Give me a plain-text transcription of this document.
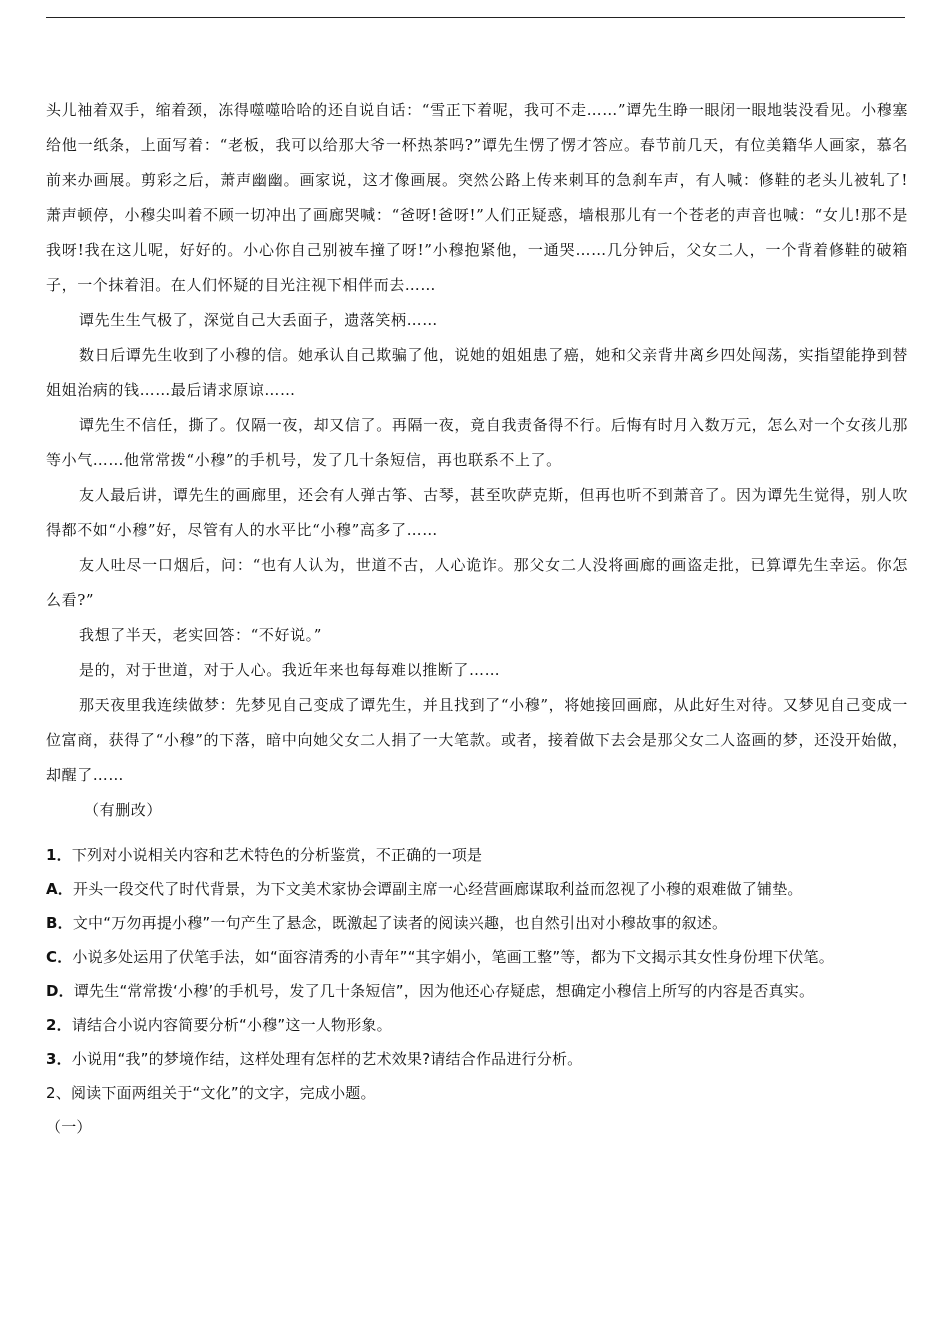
头儿袖着双手，缩着颈，冻得噬噬哈哈的还自说自话：“雪正下着呢，我可不走……”谭先生睁一眼闭一眼地装没看见。小穆塞给他一纸条，上面写着：“老板，我可以给那大爷一杯热茶吗?”谭先生愣了愣才答应。春节前几天，有位美籍华人画家，慕名前来办画展。剪彩之后，萧声幽幽。画家说，这才像画展。突然公路上传来刺耳的急刹车声，有人喊：修鞋的老头儿被轧了!萧声顿停，小穆尖叫着不顾一切冲出了画廊哭喊：“爸呀!爸呀!”人们正疑惑，墙根那儿有一个苍老的声音也喊：“女儿!那不是我呀!我在这儿呢，好好的。小心你自己别被车撞了呀!”小穆抱紧他，一通哭……几分钟后，父女二人，一个背着修鞋的破箱子，一个抹着泪。在人们怀疑的目光注视下相伴而去……

谭先生生气极了，深觉自己大丢面子，遗落笑柄……

数日后谭先生收到了小穆的信。她承认自己欺骗了他，说她的姐姐患了癌，她和父亲背井离乡四处闯荡，实指望能挣到替姐姐治病的钱……最后请求原谅……

谭先生不信任，撕了。仅隔一夜，却又信了。再隔一夜，竟自我责备得不行。后悔有时月入数万元，怎么对一个女孩儿那等小气……他常常拨“小穆”的手机号，发了几十条短信，再也联系不上了。

友人最后讲，谭先生的画廊里，还会有人弹古筝、古琴，甚至吹萨克斯，但再也听不到萧音了。因为谭先生觉得，别人吹得都不如“小穆”好，尽管有人的水平比“小穆”高多了……

友人吐尽一口烟后，问：“也有人认为，世道不古，人心诡诈。那父女二人没将画廊的画盗走批，已算谭先生幸运。你怎么看?”

我想了半天，老实回答：“不好说。”

是的，对于世道，对于人心。我近年来也每每难以推断了……

那天夜里我连续做梦：先梦见自己变成了谭先生，并且找到了“小穆”，将她接回画廊，从此好生对待。又梦见自己变成一位富商，获得了“小穆”的下落，暗中向她父女二人捐了一大笔款。或者，接着做下去会是那父女二人盗画的梦，还没开始做，却醒了……

（有删改）

1．下列对小说相关内容和艺术特色的分析鉴赏，不正确的一项是

A．开头一段交代了时代背景，为下文美术家协会谭副主席一心经营画廊谋取利益而忽视了小穆的艰难做了铺垫。

B．文中“万勿再提小穆”一句产生了悬念，既激起了读者的阅读兴趣，也自然引出对小穆故事的叙述。

C．小说多处运用了伏笔手法，如“面容清秀的小青年”“其字娟小，笔画工整”等，都为下文揭示其女性身份埋下伏笔。

D．谭先生“常常拨‘小穆’的手机号，发了几十条短信”，因为他还心存疑虑，想确定小穆信上所写的内容是否真实。

2．请结合小说内容简要分析“小穆”这一人物形象。

3．小说用“我”的梦境作结，这样处理有怎样的艺术效果?请结合作品进行分析。

2、阅读下面两组关于“文化”的文字，完成小题。

（一）
